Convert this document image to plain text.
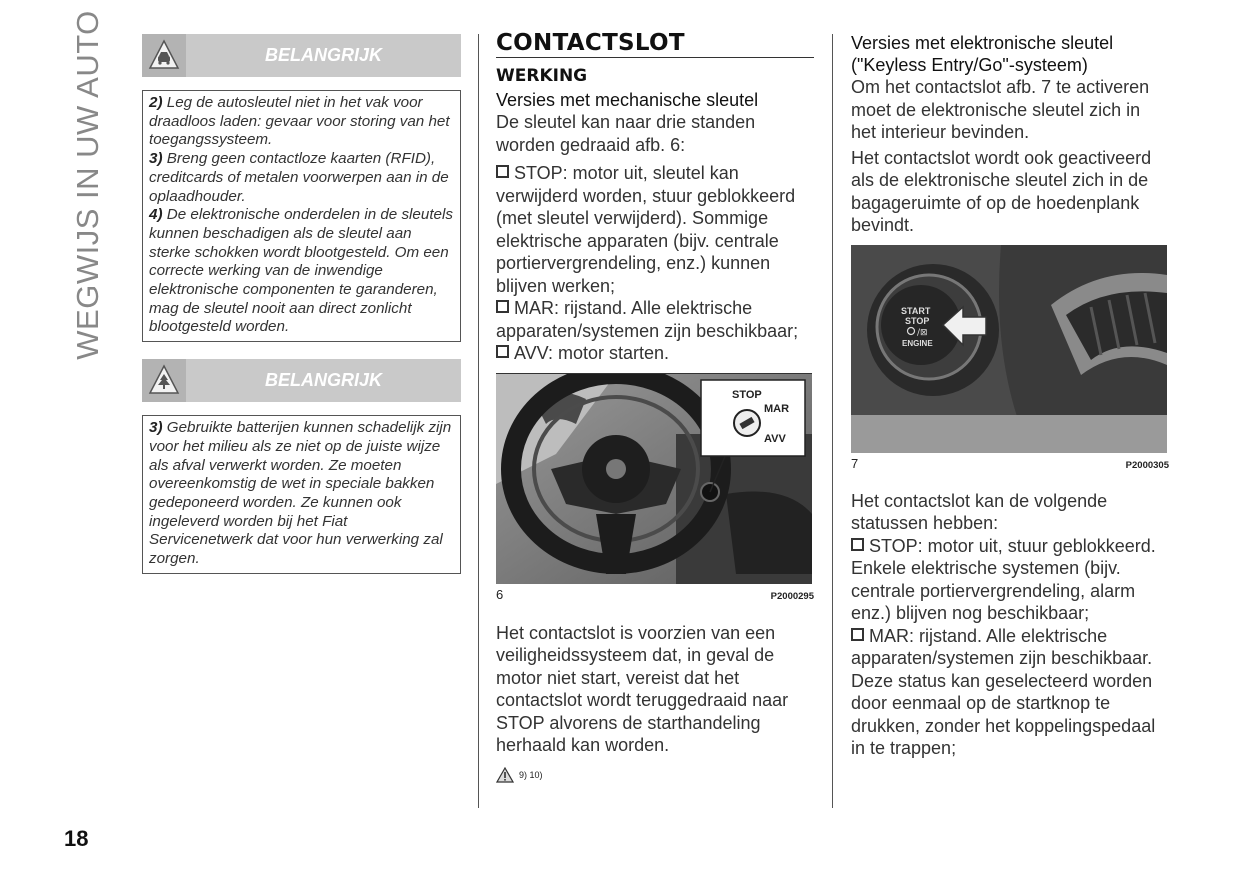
WEGWIJS IN UW AUTO
18
BELANGRIJK

2) Leg de autosleutel niet in het vak voor draadloos laden: gevaar voor storing van het toegangssysteem.

3) Breng geen contactloze kaarten (RFID), creditcards of metalen voorwerpen aan in de oplaadhouder.

4) De elektronische onderdelen in de sleutels kunnen beschadigen als de sleutel aan sterke schokken wordt blootgesteld. Om een correcte werking van de inwendige elektronische componenten te garanderen, mag de sleutel nooit aan direct zonlicht blootgesteld worden.

BELANGRIJK

3) Gebruikte batterijen kunnen schadelijk zijn voor het milieu als ze niet op de juiste wijze als afval verwerkt worden. Ze moeten overeenkomstig de wet in speciale bakken gedeponeerd worden. Ze kunnen ook ingeleverd worden bij het Fiat Servicenetwerk dat voor hun verwerking zal zorgen.

CONTACTSLOT
WERKING
Versies met mechanische sleutel

De sleutel kan naar drie standen worden gedraaid afb. 6:

STOP: motor uit, sleutel kan verwijderd worden, stuur geblokkeerd (met sleutel verwijderd). Sommige elektrische apparaten (bijv. centrale portiervergrendeling, enz.) kunnen blijven werken;

MAR: rijstand. Alle elektrische apparaten/systemen zijn beschikbaar;

AVV: motor starten.

STOP
MAR
AVV
6	P2000295

Het contactslot is voorzien van een veiligheidssysteem dat, in geval de motor niet start, vereist dat het contactslot wordt teruggedraaid naar STOP alvorens de starthandeling herhaald kan worden.

9) 10)
Versies met elektronische sleutel
("Keyless Entry/Go"-systeem)

Om het contactslot afb. 7 te activeren moet de elektronische sleutel zich in het interieur bevinden.

Het contactslot wordt ook geactiveerd als de elektronische sleutel zich in de bagageruimte of op de hoedenplank bevindt.

START
STOP
/⊠
ENGINE
7	P2000305

Het contactslot kan de volgende statussen hebben:

STOP: motor uit, stuur geblokkeerd. Enkele elektrische systemen (bijv. centrale portiervergrendeling, alarm enz.) blijven nog beschikbaar;

MAR: rijstand. Alle elektrische apparaten/systemen zijn beschikbaar. Deze status kan geselecteerd worden door eenmaal op de startknop te drukken, zonder het koppelingspedaal in te trappen;
